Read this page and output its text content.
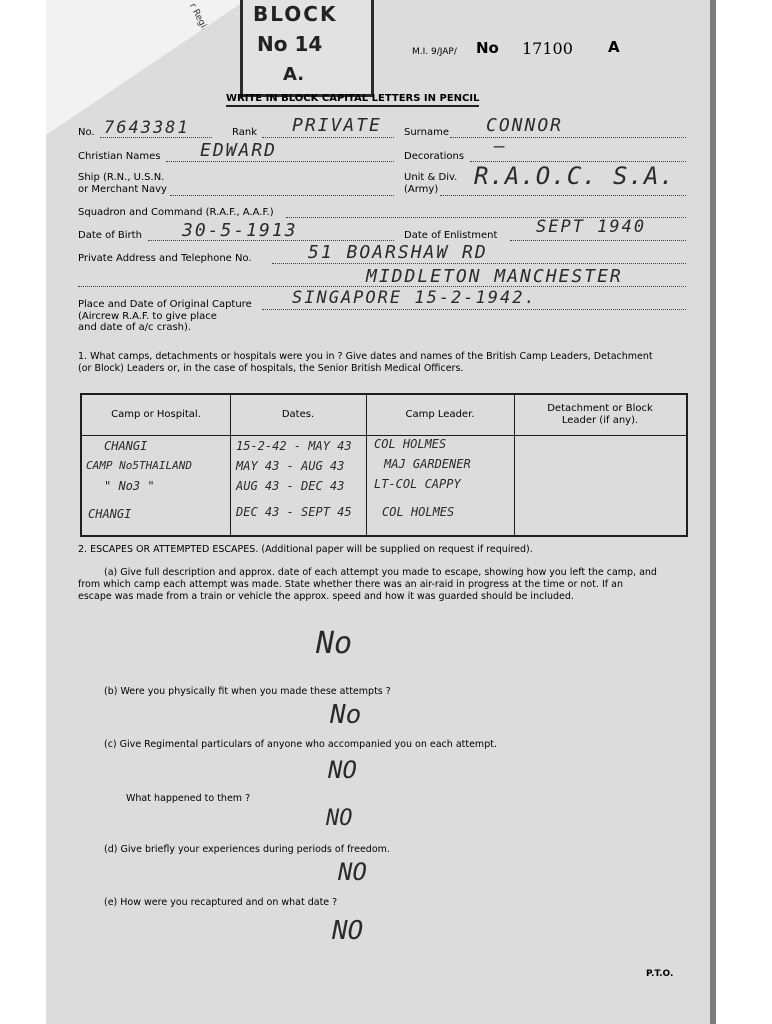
BLOCK
No 14
A.
M.I. 9/JAP/ No 17100 A
WRITE IN BLOCK CAPITAL LETTERS IN PENCIL
No. 7643381	Rank PRIVATE Surname CONNOR
Christian Names EDWARD	Decorations —
Ship (R.N., U.S.N.
or Merchant Navy
Unit & Div.
(Army) R.A.O.C. S.A.
Squadron and Command (R.A.F., A.A.F.)
Date of Birth 30-5-1913	Date of Enlistment SEPT 1940
Private Address and Telephone No.	51 BOARSHAW RD
MIDDLETON MANCHESTER
Place and Date of Original Capture
(Aircrew R.A.F. to give place
and date of a/c crash).
SINGAPORE 15-2-1942.
1. What camps, detachments or hospitals were you in ? Give dates and names of the British Camp Leaders, Detachment
(or Block) Leaders or, in the case of hospitals, the Senior British Medical Officers.
Camp or Hospital.	Dates.	Camp Leader.
Detachment or Block Leader (if any).
CHANGI	15-2-42 - MAY 43 COL HOLMES
CAMP No5THAILAND	MAY 43 - AUG 43	MAJ GARDENER
" No3 "	AUG 43 - DEC 43 LT-COL CAPPY
CHANGI	DEC 43 - SEPT 45	COL HOLMES
2. ESCAPES OR ATTEMPTED ESCAPES. (Additional paper will be supplied on request if required).
(a) Give full description and approx. date of each attempt you made to escape, showing how you left the camp, and
from which camp each attempt was made. State whether there was an air-raid in progress at the time or not. If an
escape was made from a train or vehicle the approx. speed and how it was guarded should be included.
No
(b) Were you physically fit when you made these attempts ?
No
(c) Give Regimental particulars of anyone who accompanied you on each attempt.
NO
What happened to them ?
NO
(d) Give briefly your experiences during periods of freedom.
NO
(e) How were you recaptured and on what date ?
NO
P.T.O.
